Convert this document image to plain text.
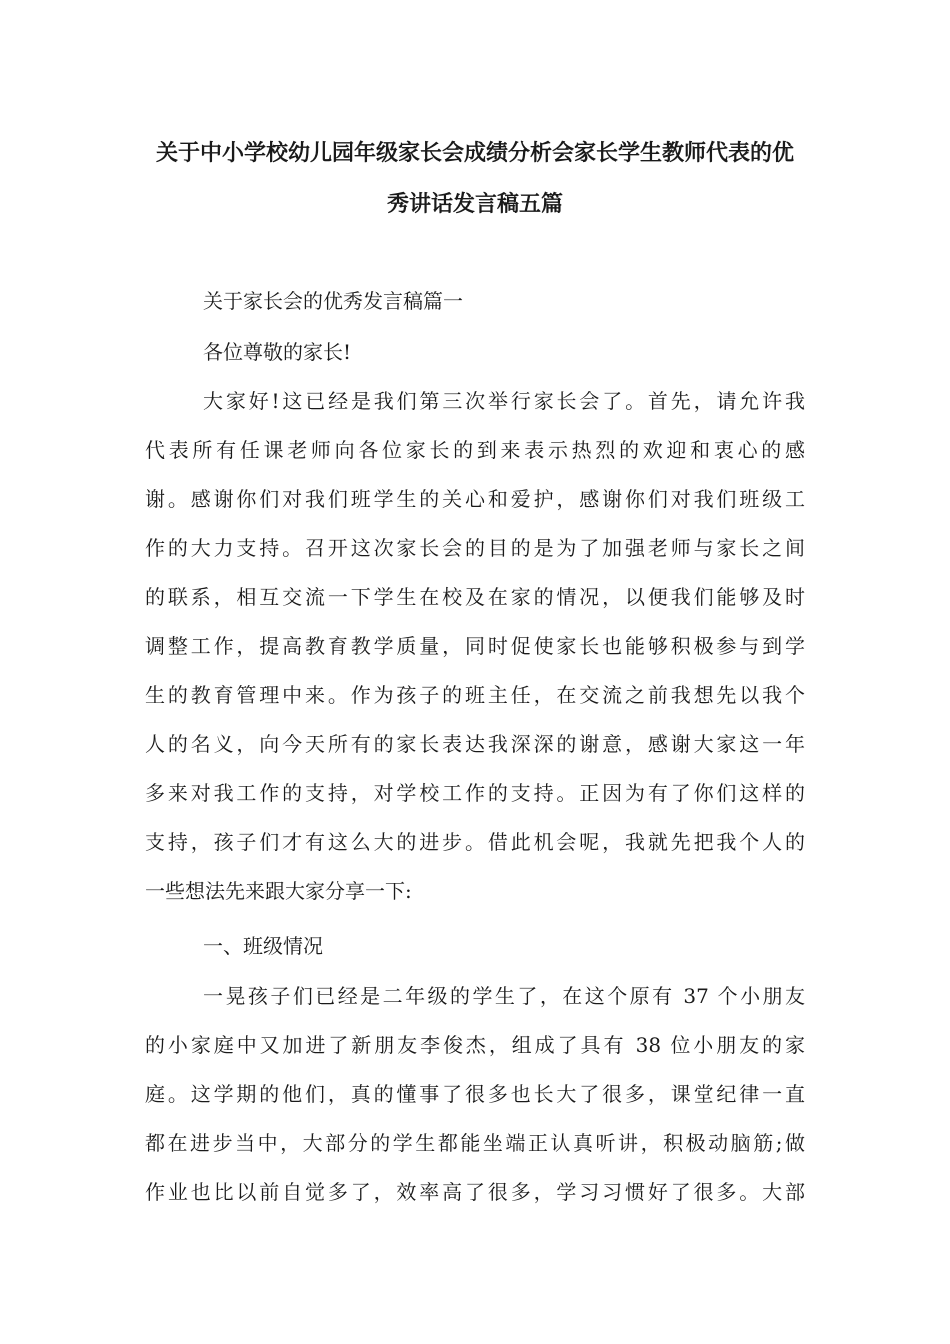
关于中小学校幼儿园年级家长会成绩分析会家长学生教师代表的优
秀讲话发言稿五篇
关于家长会的优秀发言稿篇一
各位尊敬的家长!
大家好!这已经是我们第三次举行家长会了。首先，请允许我
代表所有任课老师向各位家长的到来表示热烈的欢迎和衷心的感
谢。感谢你们对我们班学生的关心和爱护，感谢你们对我们班级工
作的大力支持。召开这次家长会的目的是为了加强老师与家长之间
的联系，相互交流一下学生在校及在家的情况，以便我们能够及时
调整工作，提高教育教学质量，同时促使家长也能够积极参与到学
生的教育管理中来。作为孩子的班主任，在交流之前我想先以我个
人的名义，向今天所有的家长表达我深深的谢意，感谢大家这一年
多来对我工作的支持，对学校工作的支持。正因为有了你们这样的
支持，孩子们才有这么大的进步。借此机会呢，我就先把我个人的
一些想法先来跟大家分享一下:
一、班级情况
一晃孩子们已经是二年级的学生了，在这个原有 37 个小朋友
的小家庭中又加进了新朋友李俊杰，组成了具有 38 位小朋友的家
庭。这学期的他们，真的懂事了很多也长大了很多，课堂纪律一直
都在进步当中，大部分的学生都能坐端正认真听讲，积极动脑筋;做
作业也比以前自觉多了，效率高了很多，学习习惯好了很多。大部
